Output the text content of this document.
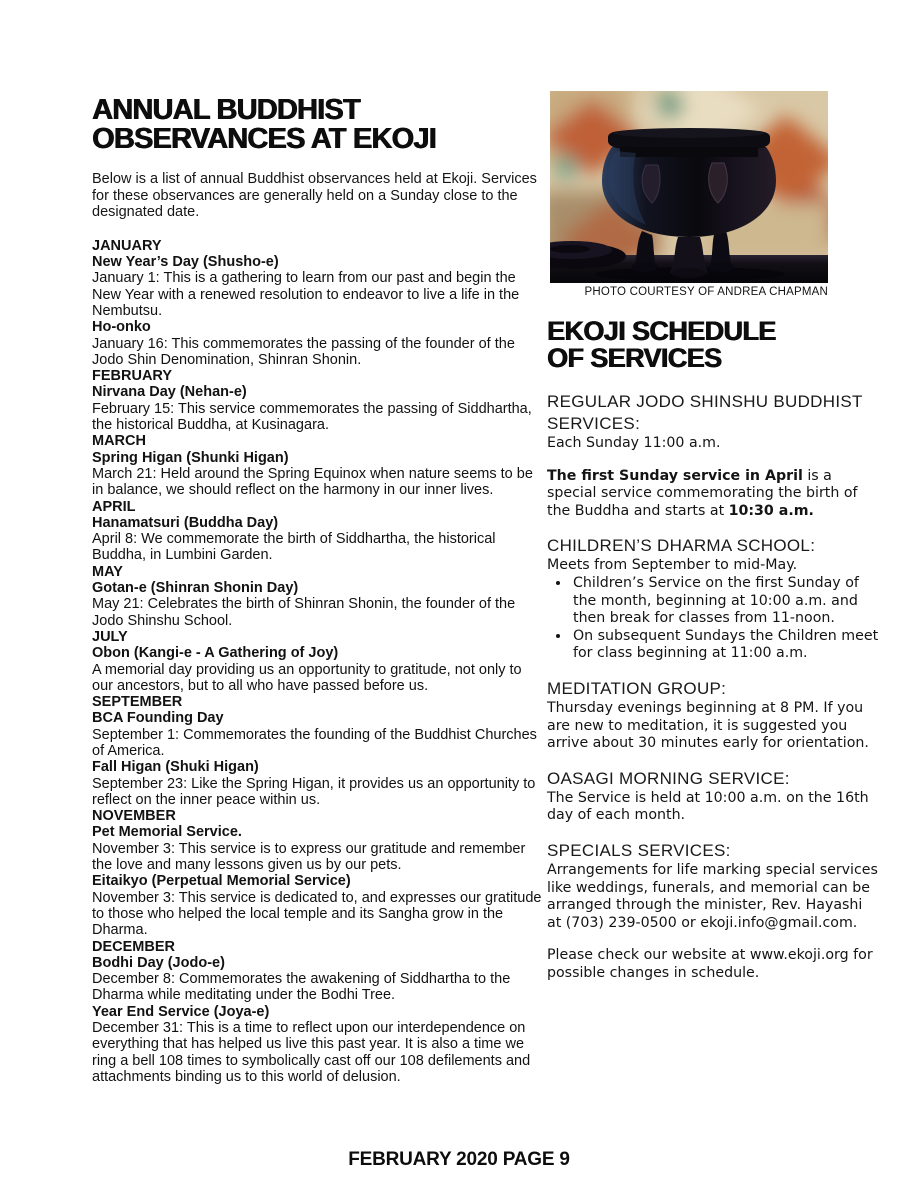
ANNUAL BUDDHIST
OBSERVANCES AT EKOJI
Below is a list of annual Buddhist observances held at Ekoji. Services for these observances are generally held on a Sunday close to the designated date.
JANUARY
New Year’s Day (Shusho-e)
January 1: This is a gathering to learn from our past and begin the New Year with a renewed resolution to endeavor to live a life in the Nembutsu.
Ho-onko
January 16: This commemorates the passing of the founder of the Jodo Shin Denomination, Shinran Shonin.
FEBRUARY
Nirvana Day (Nehan-e)
February 15: This service commemorates the passing of Siddhartha, the historical Buddha, at Kusinagara.
MARCH
Spring Higan (Shunki Higan)
March 21: Held around the Spring Equinox when nature seems to be in balance, we should reflect on the harmony in our inner lives.
APRIL
Hanamatsuri (Buddha Day)
April 8: We commemorate the birth of Siddhartha, the historical Buddha, in Lumbini Garden.
MAY
Gotan-e (Shinran Shonin Day)
May 21: Celebrates the birth of Shinran Shonin, the founder of the Jodo Shinshu School.
JULY
Obon (Kangi-e - A Gathering of Joy)
A memorial day providing us an opportunity to gratitude, not only to our ancestors, but to all who have passed before us.
SEPTEMBER
BCA Founding Day
September 1: Commemorates the founding of the Buddhist Churches of America.
Fall Higan (Shuki Higan)
September 23: Like the Spring Higan, it provides us an opportunity to reflect on the inner peace within us.
NOVEMBER
Pet Memorial Service.
November 3: This service is to express our gratitude and remember the love and many lessons given us by our pets.
Eitaikyo (Perpetual Memorial Service)
November 3: This service is dedicated to, and expresses our gratitude to those who helped the local temple and its Sangha grow in the Dharma.
DECEMBER
Bodhi Day (Jodo-e)
December 8: Commemorates the awakening of Siddhartha to the Dharma while meditating under the Bodhi Tree.
Year End Service (Joya-e)
December 31: This is a time to reflect upon our interdependence on everything that has helped us live this past year. It is also a time we ring a bell 108 times to symbolically cast off our 108 defilements and attachments binding us to this world of delusion.
PHOTO COURTESY OF ANDREA CHAPMAN
EKOJI SCHEDULE
OF SERVICES
REGULAR JODO SHINSHU BUDDHIST SERVICES:
Each Sunday 11:00 a.m.
The first Sunday service in April is a special service commemorating the birth of the Buddha and starts at 10:30 a.m.
CHILDREN’S DHARMA SCHOOL:
Meets from September to mid-May.
• Children’s Service on the first Sunday of the month, beginning at 10:00 a.m. and then break for classes from 11-noon.
• On subsequent Sundays the Children meet for class beginning at 11:00 a.m.
MEDITATION GROUP:
Thursday evenings beginning at 8 PM. If you are new to meditation, it is suggested you arrive about 30 minutes early for orientation.
OASAGI MORNING SERVICE:
The Service is held at 10:00 a.m. on the 16th day of each month.
SPECIALS SERVICES:
Arrangements for life marking special services like weddings, funerals, and memorial can be arranged through the minister, Rev. Hayashi at (703) 239-0500 or ekoji.info@gmail.com.
Please check our website at www.ekoji.org for possible changes in schedule.
FEBRUARY 2020 PAGE 9
